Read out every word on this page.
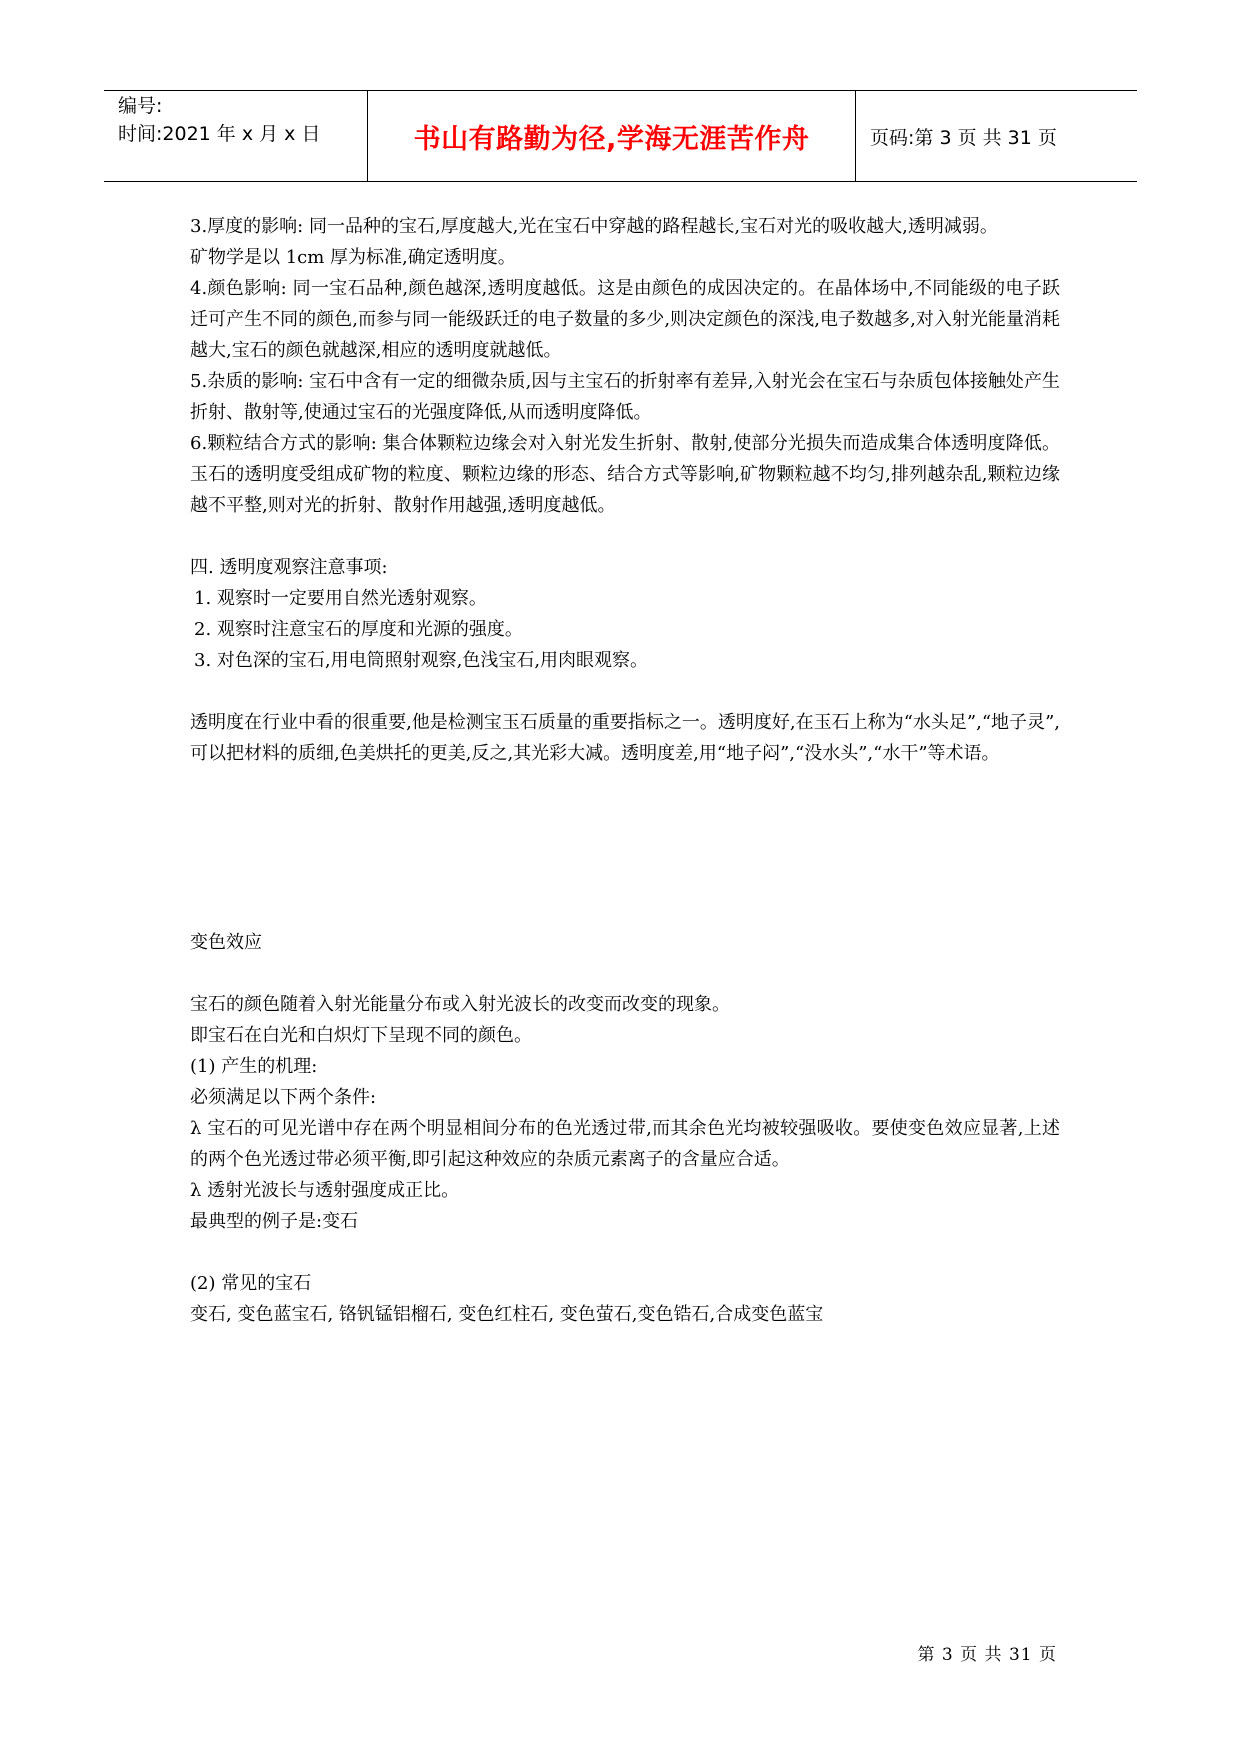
编号:
时间:2021 年 x 月 x 日	书山有路勤为径,学海无涯苦作舟	页码:第 3 页 共 31 页

3.厚度的影响: 同一品种的宝石,厚度越大,光在宝石中穿越的路程越长,宝石对光的吸收越大,透明减弱。

矿物学是以 1cm 厚为标准,确定透明度。

4.颜色影响: 同一宝石品种,颜色越深,透明度越低。这是由颜色的成因决定的。在晶体场中,不同能级的电子跃迁可产生不同的颜色,而参与同一能级跃迁的电子数量的多少,则决定颜色的深浅,电子数越多,对入射光能量消耗越大,宝石的颜色就越深,相应的透明度就越低。

5.杂质的影响: 宝石中含有一定的细微杂质,因与主宝石的折射率有差异,入射光会在宝石与杂质包体接触处产生折射、散射等,使通过宝石的光强度降低,从而透明度降低。

6.颗粒结合方式的影响: 集合体颗粒边缘会对入射光发生折射、散射,使部分光损失而造成集合体透明度降低。玉石的透明度受组成矿物的粒度、颗粒边缘的形态、结合方式等影响,矿物颗粒越不均匀,排列越杂乱,颗粒边缘越不平整,则对光的折射、散射作用越强,透明度越低。

四. 透明度观察注意事项:

1. 观察时一定要用自然光透射观察。

2. 观察时注意宝石的厚度和光源的强度。

3. 对色深的宝石,用电筒照射观察,色浅宝石,用肉眼观察。

透明度在行业中看的很重要,他是检测宝玉石质量的重要指标之一。透明度好,在玉石上称为“水头足”,“地子灵”,可以把材料的质细,色美烘托的更美,反之,其光彩大减。透明度差,用“地子闷”,“没水头”,“水干”等术语。

变色效应

宝石的颜色随着入射光能量分布或入射光波长的改变而改变的现象。

即宝石在白光和白炽灯下呈现不同的颜色。

(1) 产生的机理:

必须满足以下两个条件:

λ 宝石的可见光谱中存在两个明显相间分布的色光透过带,而其余色光均被较强吸收。要使变色效应显著,上述的两个色光透过带必须平衡,即引起这种效应的杂质元素离子的含量应合适。

λ 透射光波长与透射强度成正比。

最典型的例子是:变石

(2) 常见的宝石

变石, 变色蓝宝石, 铬钒锰铝榴石, 变色红柱石, 变色萤石,变色锆石,合成变色蓝宝

第 3 页 共 31 页
